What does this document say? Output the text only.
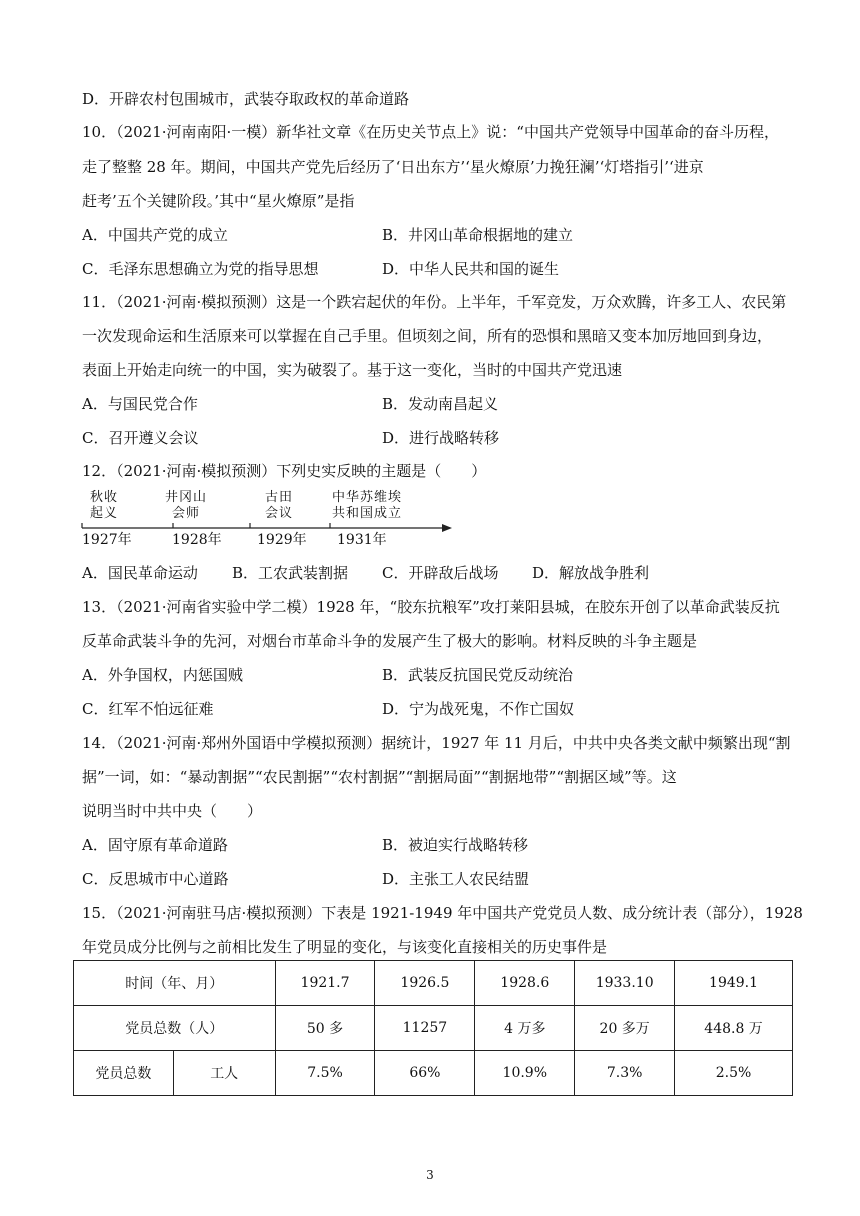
D．开辟农村包围城市，武装夺取政权的革命道路

10．（2021·河南南阳·一模）新华社文章《在历史关节点上》说：“中国共产党领导中国革命的奋斗历程，

走了整整 28 年。期间，中国共产党先后经历了‘日出东方’‘星火燎原’力挽狂澜’‘灯塔指引’‘进京

赶考’五个关键阶段。’其中“星火燎原”是指

A．中国共产党的成立	B．井冈山革命根据地的建立

C．毛泽东思想确立为党的指导思想	D．中华人民共和国的诞生

11．（2021·河南·模拟预测）这是一个跌宕起伏的年份。上半年，千军竞发，万众欢腾，许多工人、农民第

一次发现命运和生活原来可以掌握在自己手里。但顷刻之间，所有的恐惧和黑暗又变本加厉地回到身边，

表面上开始走向统一的中国，实为破裂了。基于这一变化，当时的中国共产党迅速

A．与国民党合作	B．发动南昌起义

C．召开遵义会议	D．进行战略转移

12．（2021·河南·模拟预测）下列史实反映的主题是（　　）

秋收
起义
井冈山
会师
古田
会议
中华苏维埃
共和国成立
1927年	1928年	1929年 1931年

A．国民革命运动 B．工农武装割据 C．开辟敌后战场 D．解放战争胜利

13．（2021·河南省实验中学二模）1928 年，“胶东抗粮军”攻打莱阳县城，在胶东开创了以革命武装反抗

反革命武装斗争的先河，对烟台市革命斗争的发展产生了极大的影响。材料反映的斗争主题是

A．外争国权，内惩国贼	B．武装反抗国民党反动统治

C．红军不怕远征难	D．宁为战死鬼，不作亡国奴

14．（2021·河南·郑州外国语中学模拟预测）据统计，1927 年 11 月后，中共中央各类文献中频繁出现“割

据”一词，如：“暴动割据”“农民割据”“农村割据”“割据局面”“割据地带”“割据区域”等。这

说明当时中共中央（　　）

A．固守原有革命道路	B．被迫实行战略转移

C．反思城市中心道路	D．主张工人农民结盟

15．（2021·河南驻马店·模拟预测）下表是 1921-1949 年中国共产党党员人数、成分统计表（部分），1928

年党员成分比例与之前相比发生了明显的变化，与该变化直接相关的历史事件是

时间（年、月）		1921.7	1926.5	1928.6	1933.10	1949.1
党员总数（人）		50 多	11257	4 万多	20 多万	448.8 万
党员总数	工人	7.5%	66%	10.9%	7.3%	2.5%
3
